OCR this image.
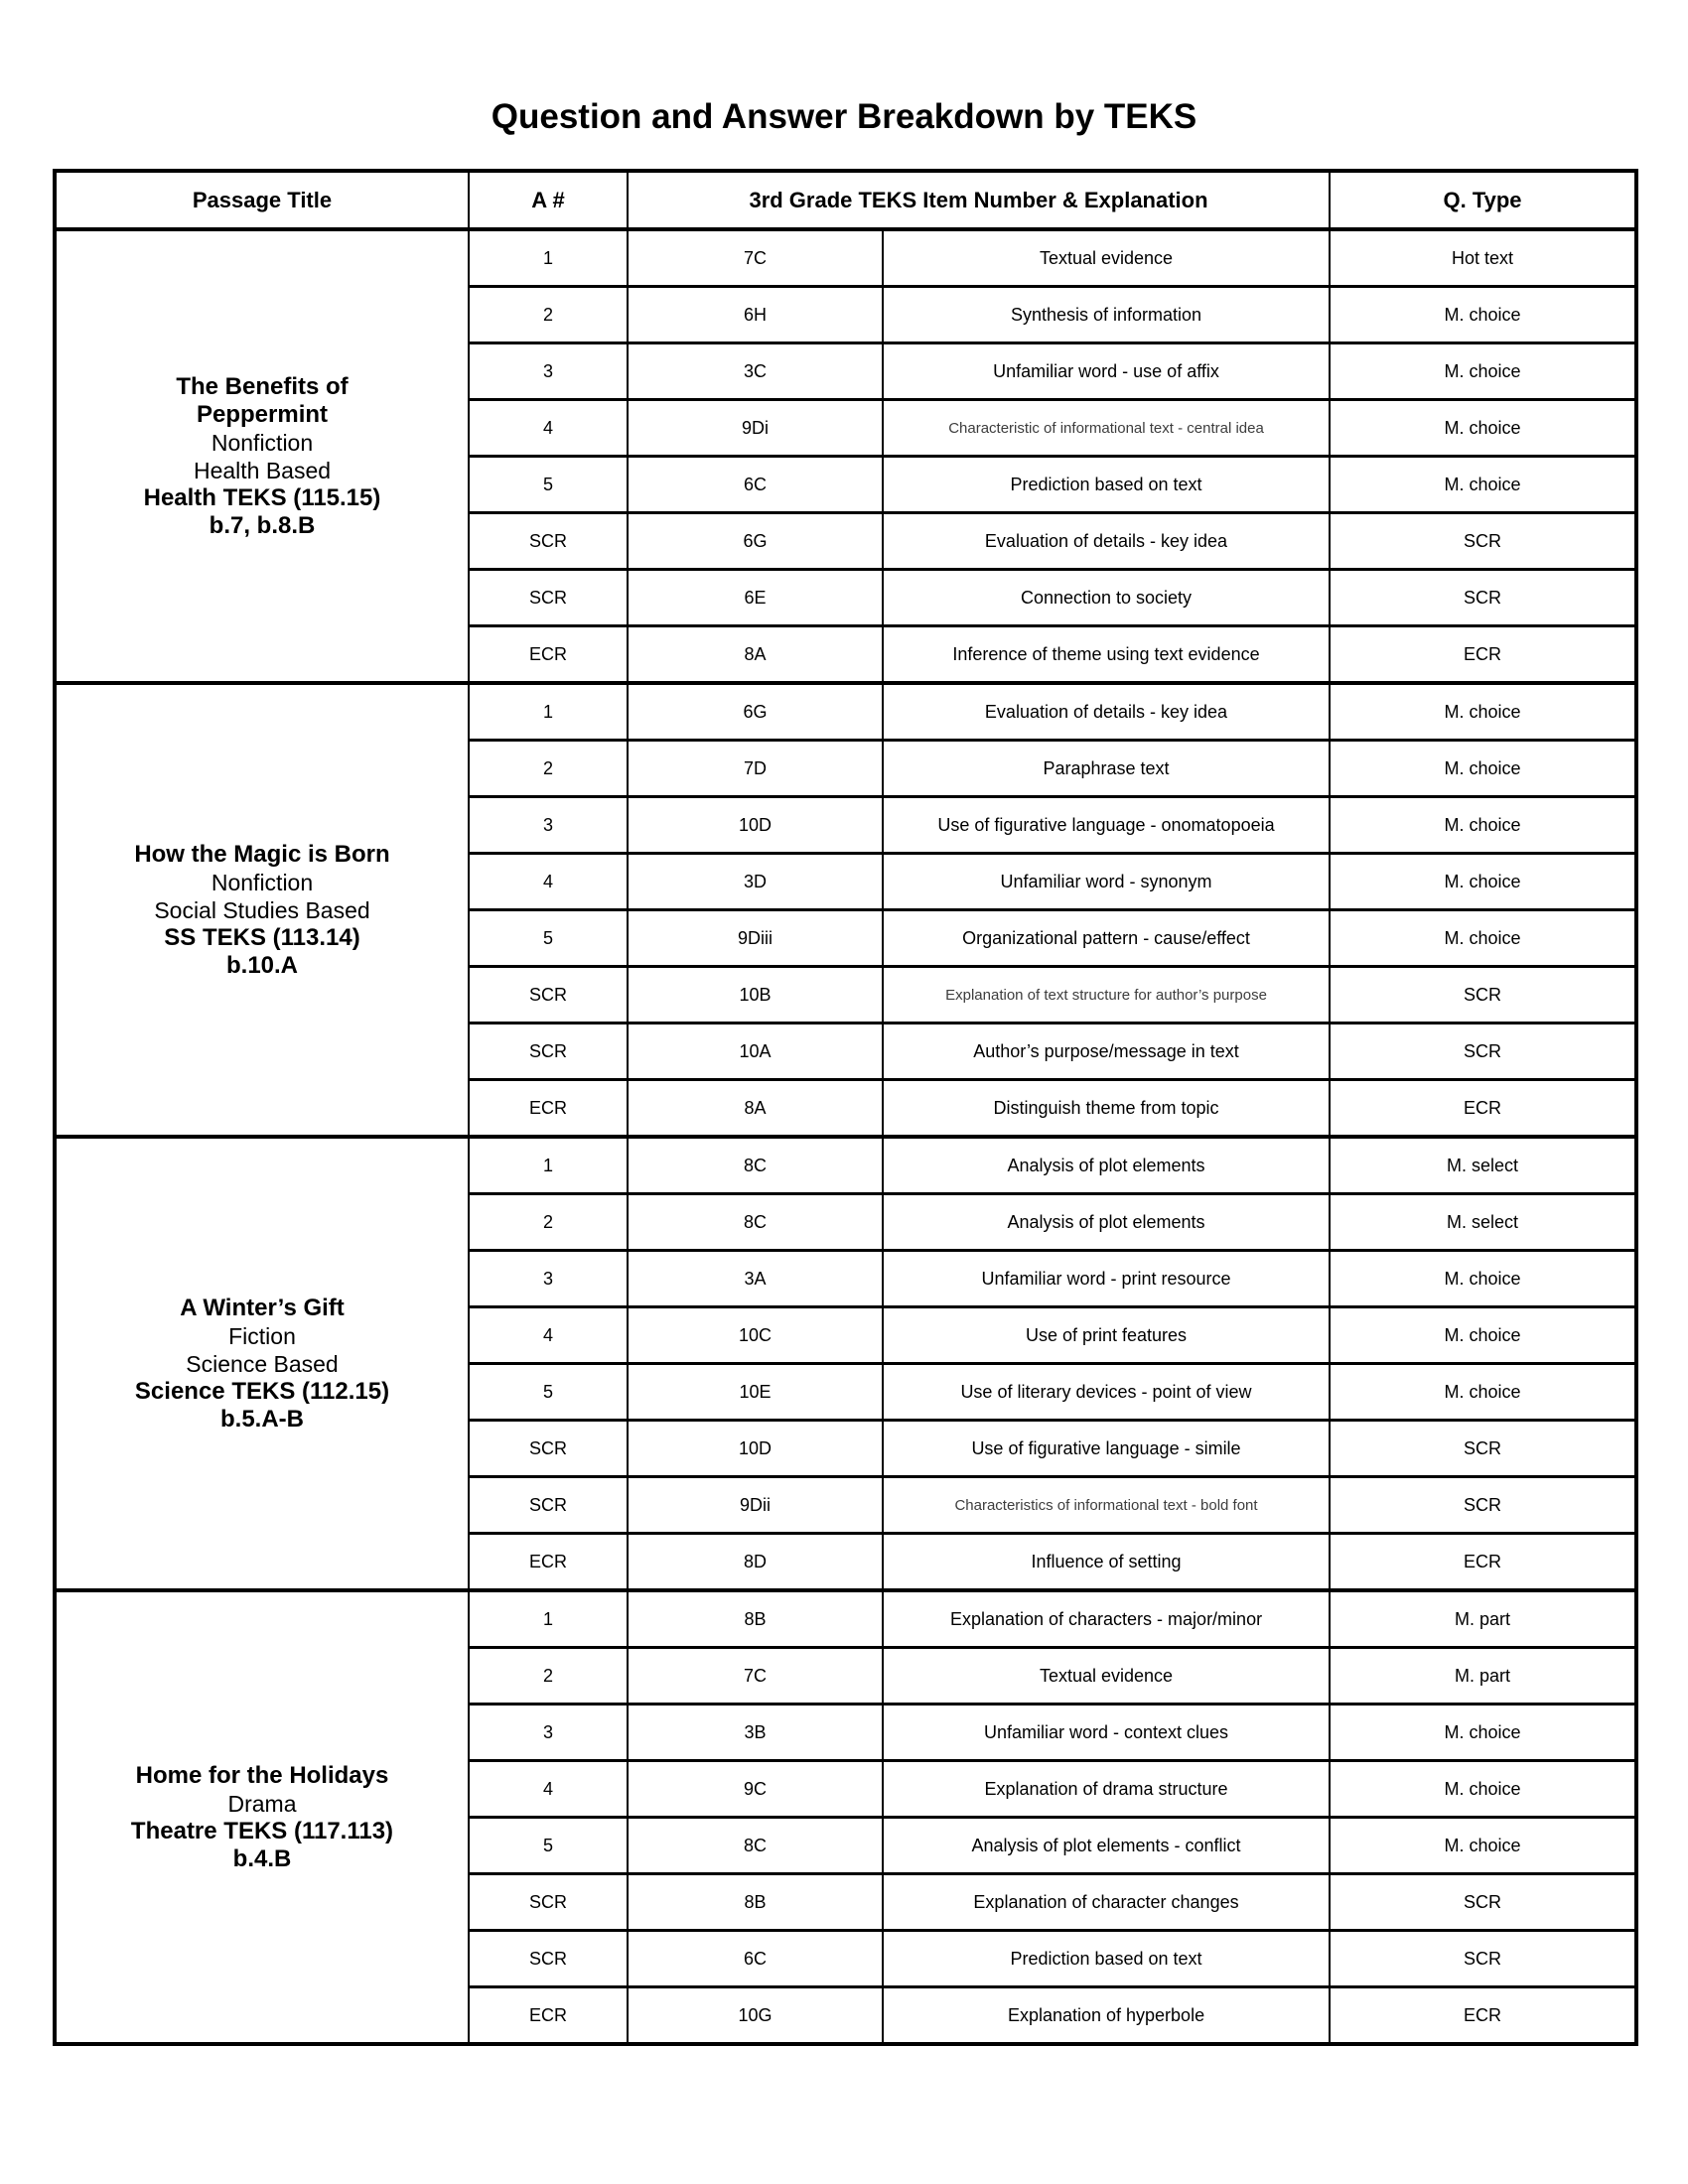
Question and Answer Breakdown by TEKS
Passage Title	A #	3rd Grade TEKS Item Number & Explanation		Q. Type

The Benefits of
Peppermint
Nonfiction
Health Based
Health TEKS (115.15)
b.7, b.8.B
	1	7C	Textual evidence	Hot text
	2	6H	Synthesis of information	M. choice
	3	3C	Unfamiliar word - use of affix	M. choice
	4	9Di	Characteristic of informational text - central idea	M. choice
	5	6C	Prediction based on text	M. choice
	SCR	6G	Evaluation of details - key idea	SCR
	SCR	6E	Connection to society	SCR
	ECR	8A	Inference of theme using text evidence	ECR

How the Magic is Born
Nonfiction
Social Studies Based
SS TEKS (113.14)
b.10.A	1	6G	Evaluation of details - key idea	M. choice
	2	7D	Paraphrase text	M. choice
	3	10D	Use of figurative language - onomatopoeia	M. choice
	4	3D	Unfamiliar word - synonym	M. choice
	5	9Diii	Organizational pattern - cause/effect	M. choice
	SCR	10B	Explanation of text structure for author’s purpose	SCR
	SCR	10A	Author’s purpose/message in text	SCR
	ECR	8A	Distinguish theme from topic	ECR

A Winter’s Gift
Fiction
Science Based
Science TEKS (112.15)
b.5.A-B	1	8C	Analysis of plot elements	M. select
	2	8C	Analysis of plot elements	M. select
	3	3A	Unfamiliar word - print resource	M. choice
	4	10C	Use of print features	M. choice
	5	10E	Use of literary devices - point of view	M. choice
	SCR	10D	Use of figurative language - simile	SCR
	SCR	9Dii	Characteristics of informational text - bold font	SCR
	ECR	8D	Influence of setting	ECR

Home for the Holidays
Drama
Theatre TEKS (117.113)
b.4.B	1	8B	Explanation of characters - major/minor	M. part
	2	7C	Textual evidence	M. part
	3	3B	Unfamiliar word - context clues	M. choice
	4	9C	Explanation of drama structure	M. choice
	5	8C	Analysis of plot elements - conflict	M. choice
	SCR	8B	Explanation of character changes	SCR
	SCR	6C	Prediction based on text	SCR
	ECR	10G	Explanation of hyperbole	ECR
